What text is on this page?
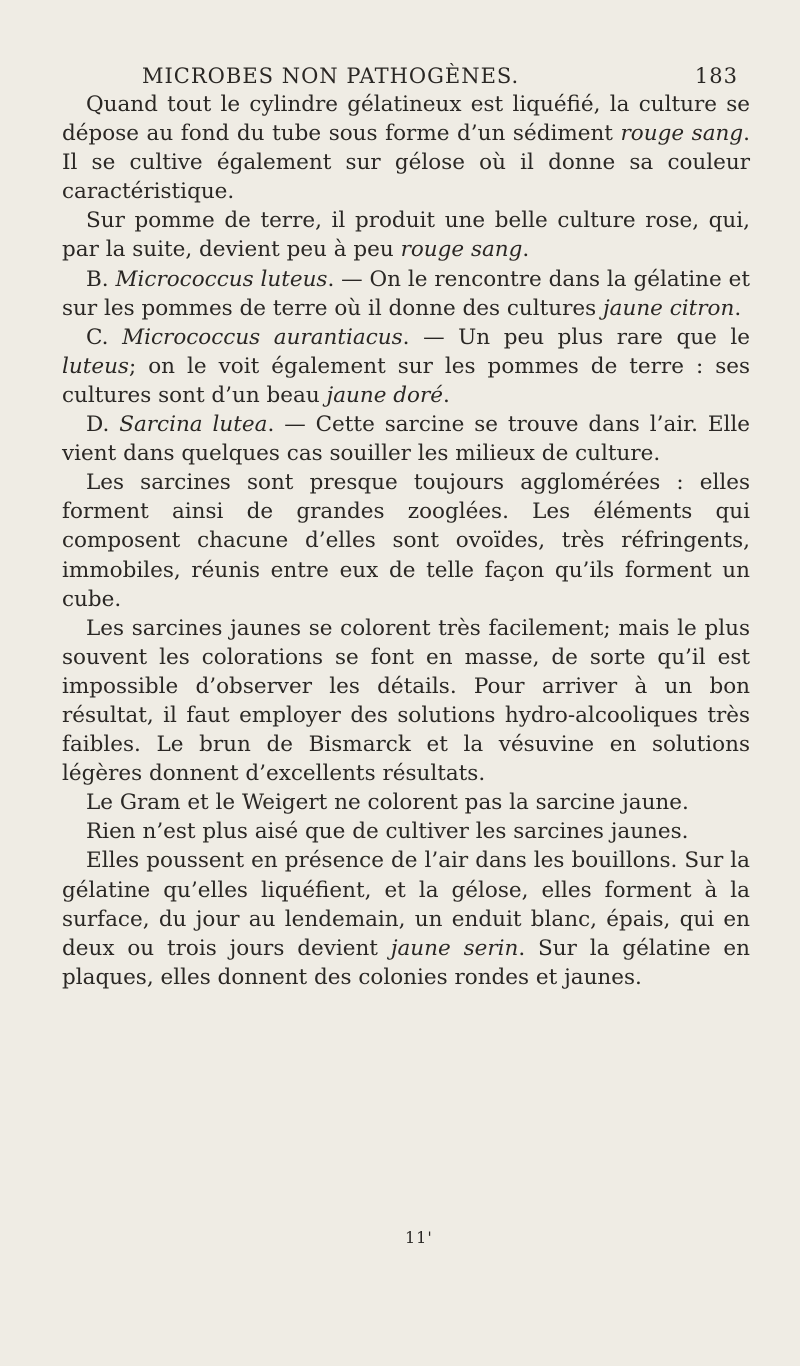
MICROBES NON PATHOGÈNES.	183

Quand tout le cylindre gélatineux est liquéfié, la culture se dépose au fond du tube sous forme d’un sédiment rouge sang. Il se cultive également sur gélose où il donne sa couleur caractéristique.

Sur pomme de terre, il produit une belle culture rose, qui, par la suite, devient peu à peu rouge sang.

B. Micrococcus luteus. — On le rencontre dans la gélatine et sur les pommes de terre où il donne des cultures jaune citron.

C. Micrococcus aurantiacus. — Un peu plus rare que le luteus; on le voit également sur les pommes de terre : ses cultures sont d’un beau jaune doré.

D. Sarcina lutea. — Cette sarcine se trouve dans l’air. Elle vient dans quelques cas souiller les milieux de culture.

Les sarcines sont presque toujours agglomérées : elles forment ainsi de grandes zooglées. Les éléments qui composent chacune d’elles sont ovoïdes, très réfringents, immobiles, réunis entre eux de telle façon qu’ils forment un cube.

Les sarcines jaunes se colorent très facilement; mais le plus souvent les colorations se font en masse, de sorte qu’il est impossible d’observer les détails. Pour arriver à un bon résultat, il faut employer des solutions hydro-alcooliques très faibles. Le brun de Bismarck et la vésuvine en solutions légères donnent d’excellents résultats.

Le Gram et le Weigert ne colorent pas la sarcine jaune.

Rien n’est plus aisé que de cultiver les sarcines jaunes.

Elles poussent en présence de l’air dans les bouillons. Sur la gélatine qu’elles liquéfient, et la gélose, elles forment à la surface, du jour au lendemain, un enduit blanc, épais, qui en deux ou trois jours devient jaune serin. Sur la gélatine en plaques, elles donnent des colonies rondes et jaunes.

11'
